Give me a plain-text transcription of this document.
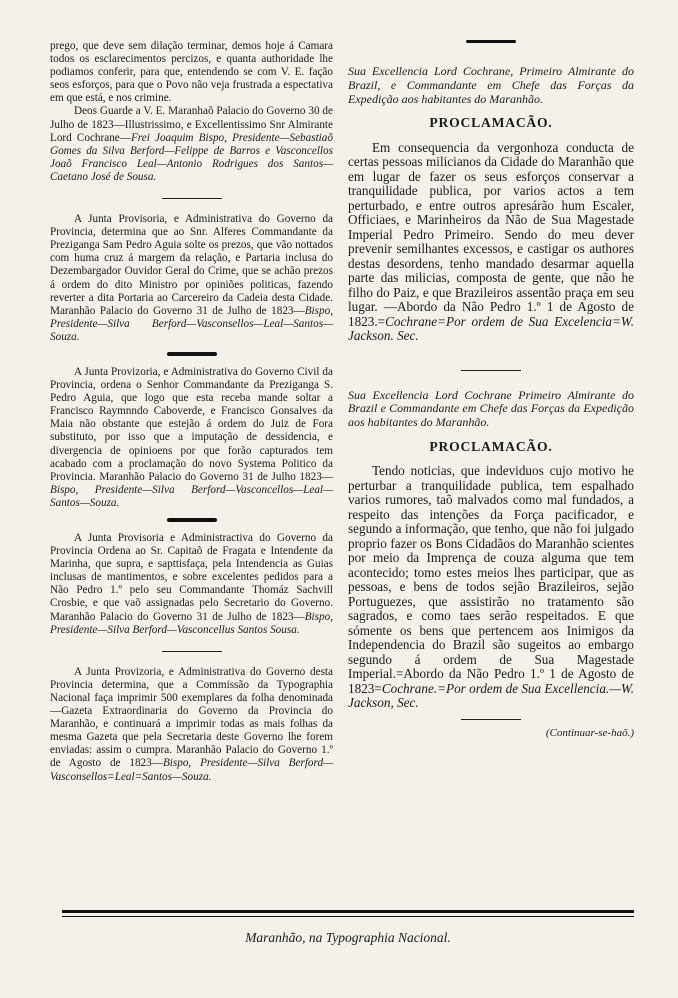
prego, que deve sem dilação terminar, demos hoje á Camara todos os esclarecimentos percizos, e quanta authoridade lhe podiamos conferir, para que, entendendo se com V. E. fação seos esforços, para que o Povo não veja frustrada a espectativa em que está, e nos crimine.

Deos Guarde a V. E. Maranhaõ Palacio do Governo 30 de Julho de 1823—Illustrissimo, e Excellentissimo Snr Almirante Lord Cochrane—Frei Joaquim Bispo, Presidente—Sebastiaõ Gomes da Silva Berford—Felippe de Barros e Vasconcellos Joaõ Francisco Leal—Antonio Rodrigues dos Santos—Caetano José de Sousa.

A Junta Provisoria, e Administrativa do Governo da Provincia, determina que ao Snr. Alferes Commandante da Preziganga Sam Pedro Aguia solte os prezos, que vão nottados com huma cruz á margem da relação, e Partaria inclusa do Dezembargador Ouvidor Geral do Crime, que se achão prezos á ordem do dito Ministro por opiniões politicas, fazendo reverter a dita Portaria ao Carcereiro da Cadeia desta Cidade. Maranhão Palacio do Governo 31 de Julho de 1823—Bispo, Presidente—Silva Berford—Vasconsellos—Leal—Santos—Souza.

A Junta Provizoria, e Administrativa do Governo Civil da Provincia, ordena o Senhor Commandante da Preziganga S. Pedro Aguia, que logo que esta receba mande soltar a Francisco Raymnndo Caboverde, e Francisco Gonsalves da Maia não obstante que estejão á ordem do Juiz de Fora substituto, por isso que a imputação de dessidencia, e divergencia de opinioens por que forão capturados tem acabado com a proclamação do novo Systema Politico da Provincia. Maranhão Palacio do Governo 31 de Julho 1823—Bispo, Presidente—Silva Berford—Vasconcellos—Leal—Santos—Souza.

A Junta Provisoria e Administractiva do Governo da Provincia Ordena ao Sr. Capitaõ de Fragata e Intendente da Marinha, que supra, e sapttisfaça, pela Intendencia as Guias inclusas de mantimentos, e sobre excelentes pedidos para a Não Pedro 1.º pelo seu Commandante Thomáz Sachvill Crosbie, e que vaõ assignadas pelo Secretario do Governo. Maranhão Palacio do Governo 31 de Julho de 1823—Bispo, Presidente—Silva Berford—Vasconcellus Santos Sousa.

A Junta Provizoria, e Administrativa do Governo desta Provincia determina, que a Commissão da Typographia Nacional faça imprimir 500 exemplares da folha denominada—Gazeta Extraordinaria do Governo da Provincia do Maranhão, e continuará a imprimir todas as mais folhas da mesma Gazeta que pela Secretaria deste Governo lhe forem enviadas: assim o cumpra. Maranhão Palacio do Governo 1.º de Agosto de 1823—Bispo, Presidente—Silva Berford—Vasconsellos=Leal=Santos—Souza.

Sua Excellencia Lord Cochrane, Primeiro Almirante do Brazil, e Commandante em Chefe das Forças da Expedição aos habitantes do Maranhão.

PROCLAMACÃO.

Em consequencia da vergonhoza conducta de certas pessoas milicianos da Cidade do Maranhão que em lugar de fazer os seus esforços conservar a tranquilidade publica, por varios actos a tem perturbado, e entre outros apresárão hum Escaler, Officiaes, e Marinheiros da Não de Sua Magestade Imperial Pedro Primeiro. Sendo do meu dever prevenir semilhantes excessos, e castigar os authores destas desordens, tenho mandado desarmar aquella parte das milicias, composta de gente, que não he filho do Paiz, e que Brazileiros assentão praça em seu lugar. —Abordo da Não Pedro 1.º 1 de Agosto de 1823.=Cochrane=Por ordem de Sua Excelencia=W. Jackson. Sec.

Sua Excellencia Lord Cochrane Primeiro Almirante do Brazil e Commandante em Chefe das Forças da Expedição aos habitantes do Maranhão.

PROCLAMACÃO.

Tendo noticias, que indeviduos cujo motivo he perturbar a tranquilidade publica, tem espalhado varios rumores, taõ malvados como mal fundados, a respeito das intenções da Força pacificador, e segundo a informação, que tenho, que não foi julgado proprio fazer os Bons Cidadãos do Maranhão scientes por meio da Imprença de couza alguma que tem acontecido; tomo estes meios lhes participar, que as pessoas, e bens de todos sejão Brazileiros, sejão Portuguezes, que assistirão no tratamento são sagrados, e como taes serão respeitados. E que sómente os bens que pertencem aos Inimigos da Independencia do Brazil são sugeitos ao embargo segundo á ordem de Sua Magestade Imperial.=Abordo da Não Pedro 1.º 1 de Agosto de 1823=Cochrane.=Por ordem de Sua Excellencia.—W. Jackson, Sec.

(Continuar-se-haõ.)

Maranhão, na Typographia Nacional.
